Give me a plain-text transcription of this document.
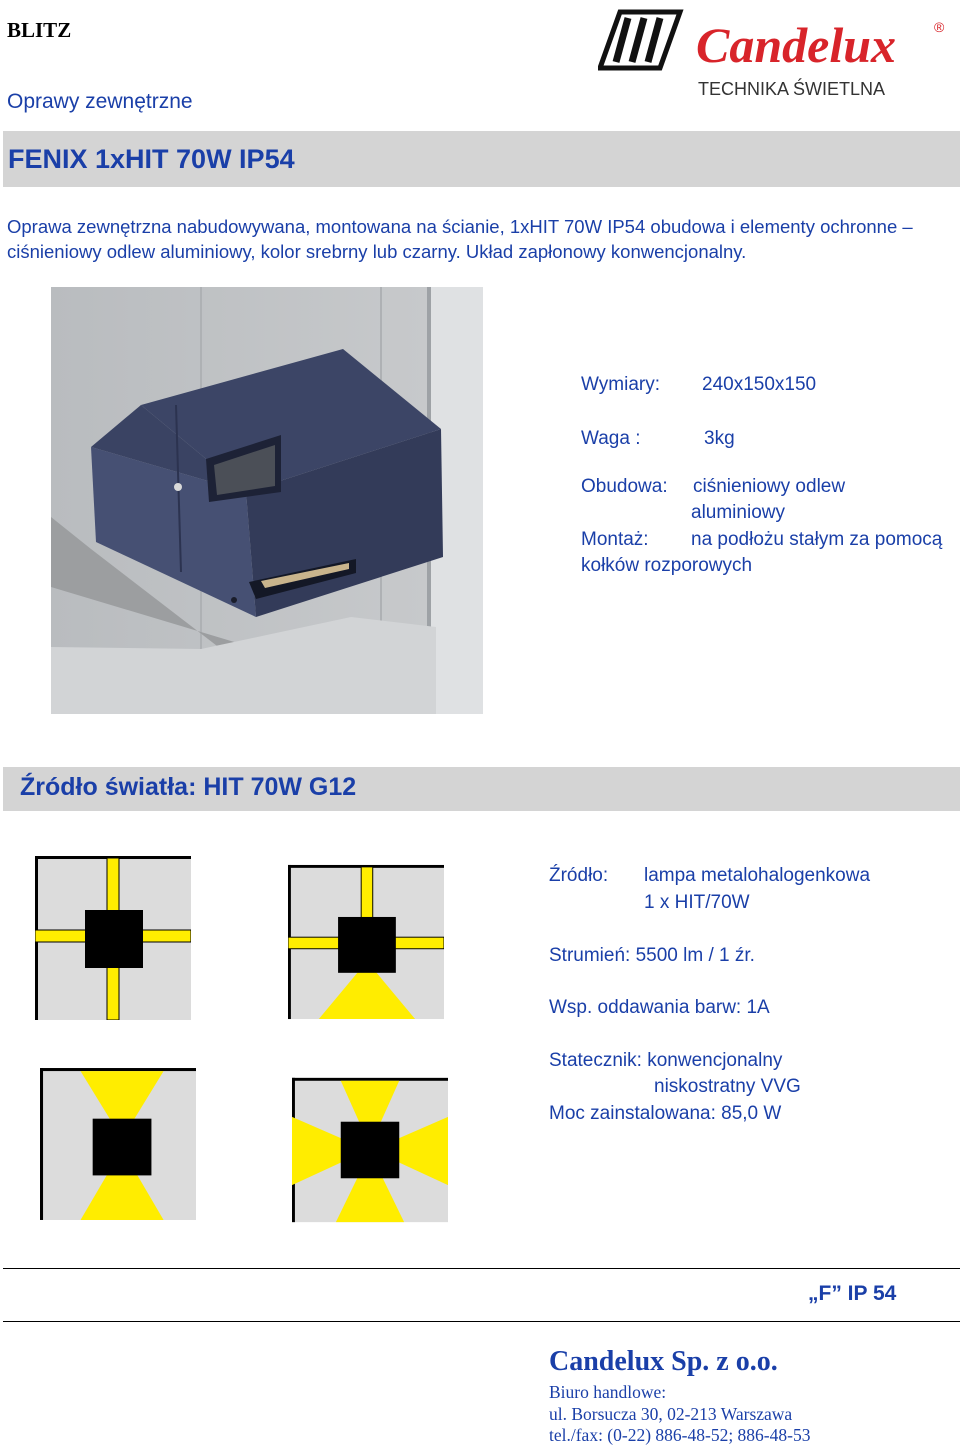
BLITZ	Candelux	®
TECHNIKA ŚWIETLNA
Oprawy zewnętrzne
FENIX 1xHIT 70W IP54
Oprawa zewnętrzna nabudowywana, montowana na ścianie, 1xHIT 70W IP54 obudowa i elementy ochronne –
ciśnieniowy odlew aluminiowy, kolor srebrny lub czarny. Układ zapłonowy konwencjonalny.
Wymiary: 240x150x150
Waga :	3kg
Obudowa: ciśnieniowy odlew
aluminiowy
Montaż: na podłożu stałym za pomocą
kołków rozporowych
Źródło światła: HIT 70W G12
Źródło: lampa metalohalogenkowa
1 x HIT/70W
Strumień: 5500 lm / 1 źr.
Wsp. oddawania barw: 1A
Statecznik: konwencjonalny
niskostratny VVG
Moc zainstalowana: 85,0 W
„F” IP 54
Candelux Sp. z o.o.
Biuro handlowe:
ul. Borsucza 30, 02-213 Warszawa
tel./fax: (0-22) 886-48-52; 886-48-53
